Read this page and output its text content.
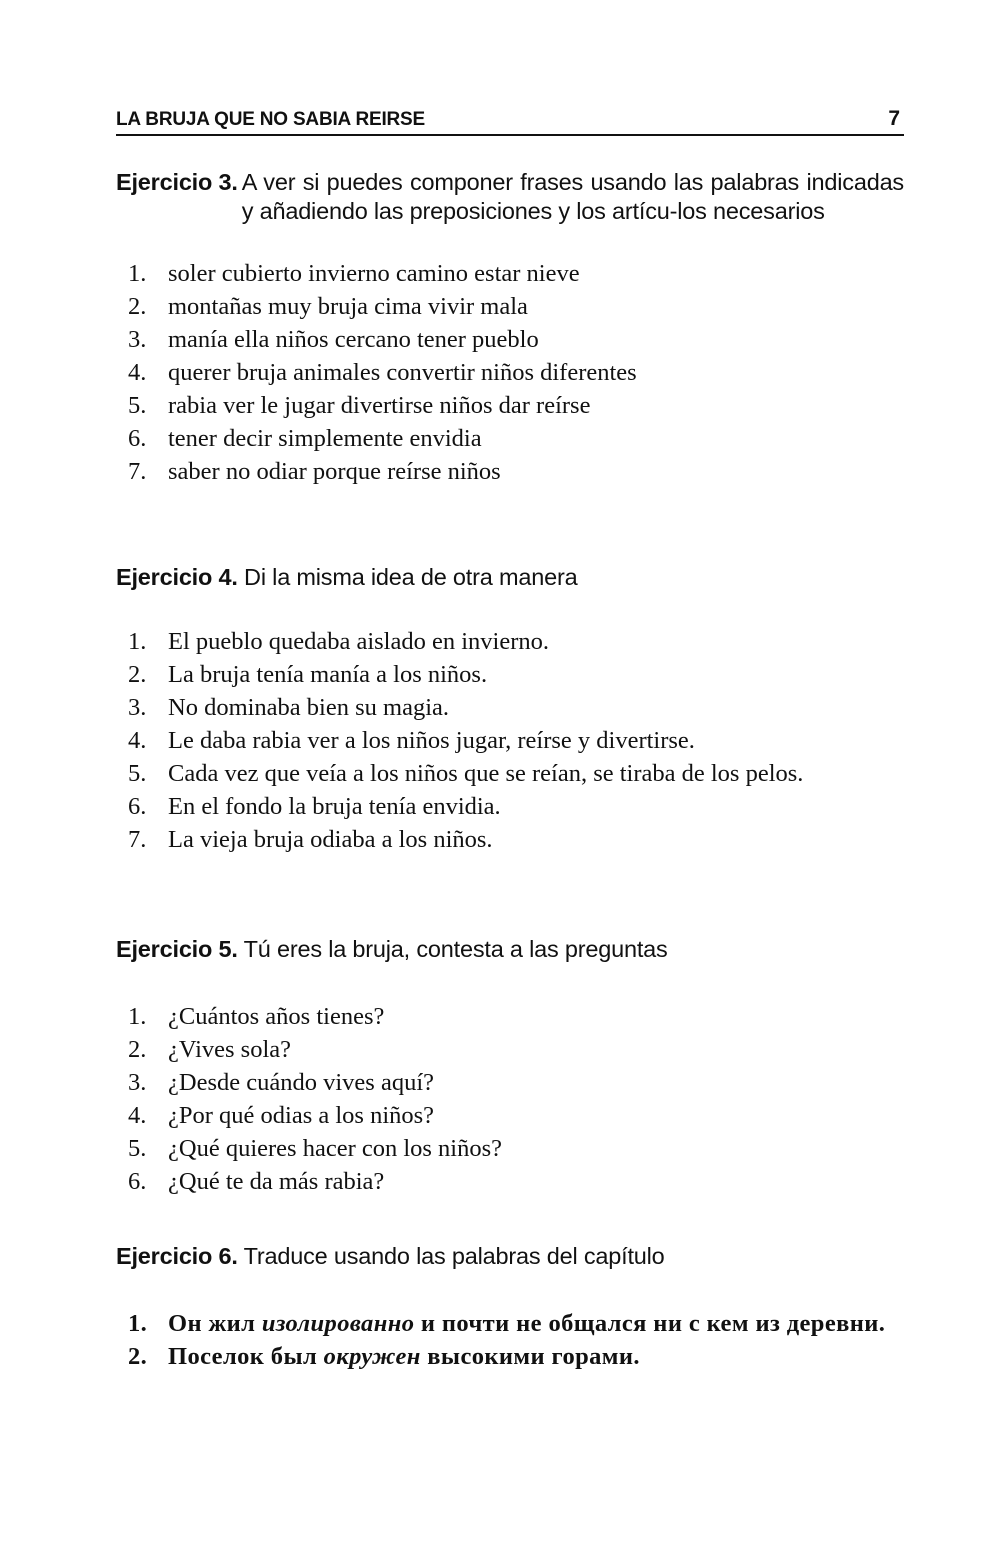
LA BRUJA QUE NO SABIA REIRSE	7
Ejercicio 3. A ver si puedes componer frases usando las palabras indicadas y añadiendo las preposiciones y los artícu-los necesarios
1. soler cubierto invierno camino estar nieve
2. montañas muy bruja cima vivir mala
3. manía ella niños cercano tener pueblo
4. querer bruja animales convertir niños diferentes
5. rabia ver le jugar divertirse niños dar reírse
6. tener decir simplemente envidia
7. saber no odiar porque reírse niños
Ejercicio 4. Di la misma idea de otra manera
1. El pueblo quedaba aislado en invierno.
2. La bruja tenía manía a los niños.
3. No dominaba bien su magia.
4. Le daba rabia ver a los niños jugar, reírse y divertirse.
5. Cada vez que veía a los niños que se reían, se tiraba de los pelos.
6. En el fondo la bruja tenía envidia.
7. La vieja bruja odiaba a los niños.
Ejercicio 5. Tú eres la bruja, contesta a las preguntas
1. ¿Cuántos años tienes?
2. ¿Vives sola?
3. ¿Desde cuándo vives aquí?
4. ¿Por qué odias a los niños?
5. ¿Qué quieres hacer con los niños?
6. ¿Qué te da más rabia?
Ejercicio 6. Traduce usando las palabras del capítulo
1. Он жил изолированно и почти не общался ни с кем из деревни.
2. Поселок был окружен высокими горами.
